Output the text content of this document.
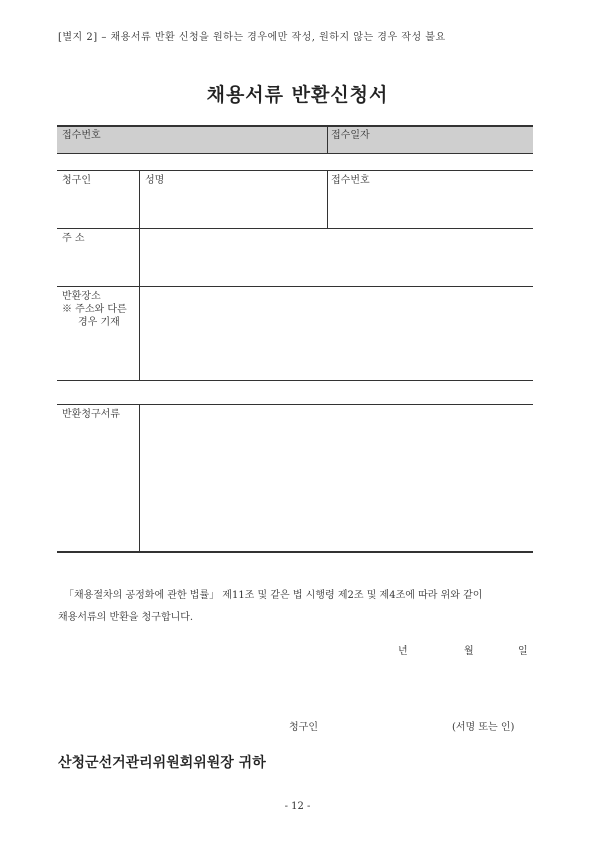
[별지 2] – 채용서류 반환 신청을 원하는 경우에만 작성, 원하지 않는 경우 작성 불요
채용서류 반환신청서
접수번호	접수일자
청구인	성명	접수번호
주 소
반환장소
※ 주소와 다른
경우 기재
반환청구서류
「채용절차의 공정화에 관한 법률」 제11조 및 같은 법 시행령 제2조 및 제4조에 따라 위와 같이
채용서류의 반환을 청구합니다.
년	월	일
청구인	(서명 또는 인)
산청군선거관리위원회위원장 귀하
- 12 -
